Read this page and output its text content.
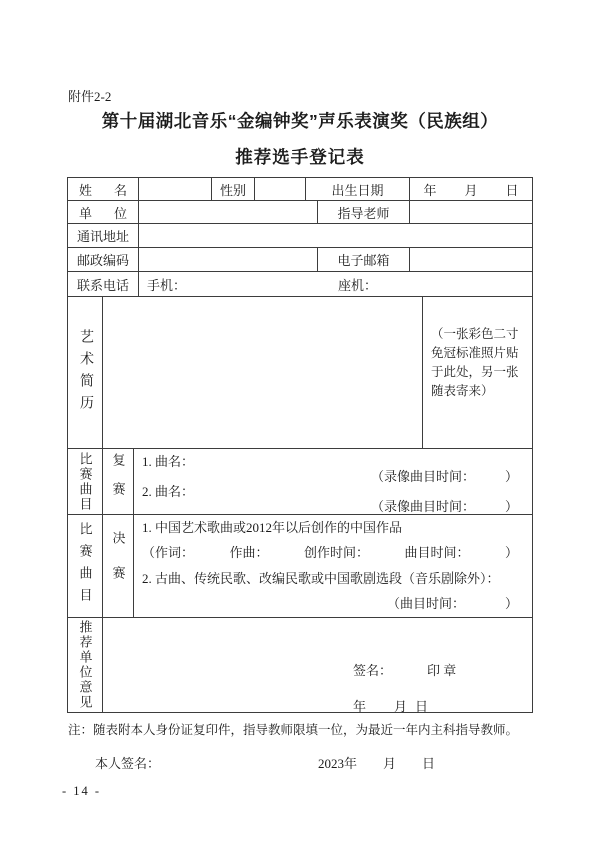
附件2-2
第十届湖北音乐“金编钟奖”声乐表演奖（民族组）
推荐选手登记表
姓名	性别	出生日期	年 月 日
单位	指导老师
通讯地址
邮政编码	电子邮箱
联系电话 手机：	座机：
艺术简历	（一张彩色二寸免冠标准照片贴于此处，另一张随表寄来）
比赛曲目 复赛 1. 曲名：
（录像曲目时间： ）
2. 曲名：
（录像曲目时间： ）
比赛曲目 决赛
1. 中国艺术歌曲或2012年以后创作的中国作品
（作词：	作曲：	创作时间：	曲目时间：	）
2. 古曲、传统民歌、改编民歌或中国歌剧选段（音乐剧除外）：
（曲目时间：	）
推荐单位意见	签名：	印 章
年 月 日
注：随表附本人身份证复印件，指导教师限填一位，为最近一年内主科指导教师。
本人签名：	2023年 月 日
- 14 -
